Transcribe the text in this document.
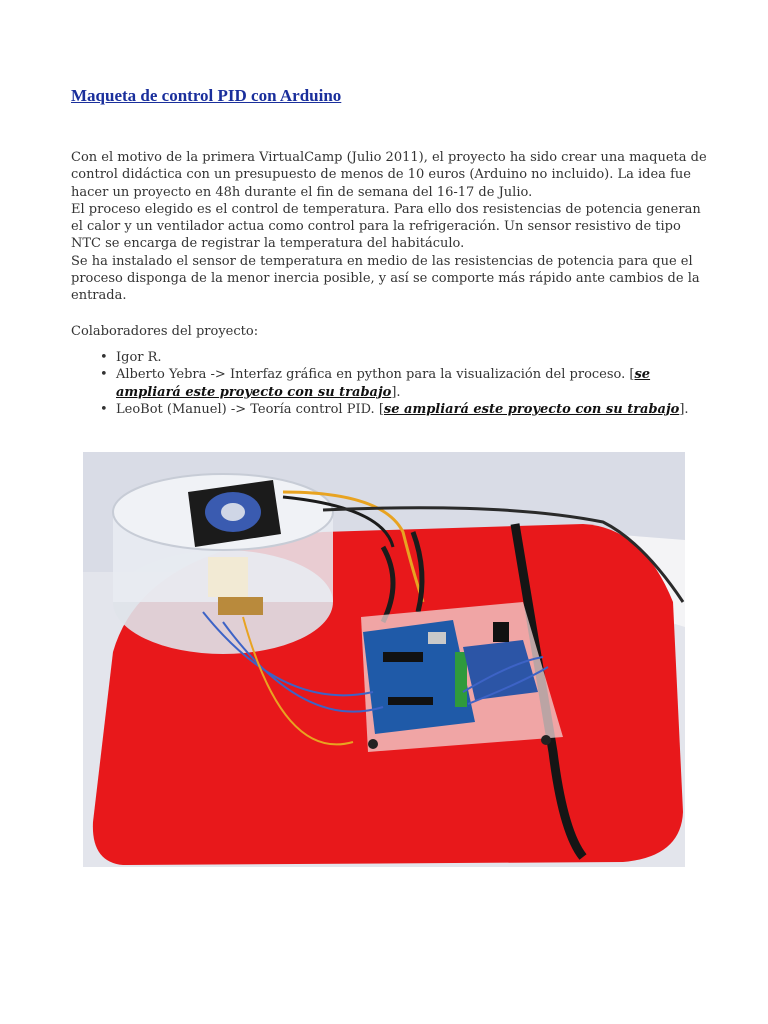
Maqueta de control PID con Arduino

Con el motivo de la primera VirtualCamp (Julio 2011), el proyecto ha sido crear una maqueta de control didáctica con un presupuesto de menos de 10 euros (Arduino no incluido). La idea fue hacer un proyecto en 48h durante el fin de semana del 16-17 de Julio.

El proceso elegido es el control de temperatura. Para ello dos resistencias de potencia generan el calor y un ventilador actua como control para la refrigeración. Un sensor resistivo de tipo NTC se encarga de registrar la temperatura del habitáculo.

Se ha instalado el sensor de temperatura en medio de las resistencias de potencia para que el proceso disponga de la menor inercia posible, y así se comporte más rápido ante cambios de la entrada.

Colaboradores del proyecto:

• Igor R.
• Alberto Yebra -> Interfaz gráfica en python para la visualización del proceso. [se ampliará este proyecto con su trabajo].
• LeoBot (Manuel) -> Teoría control PID. [se ampliará este proyecto con su trabajo].
